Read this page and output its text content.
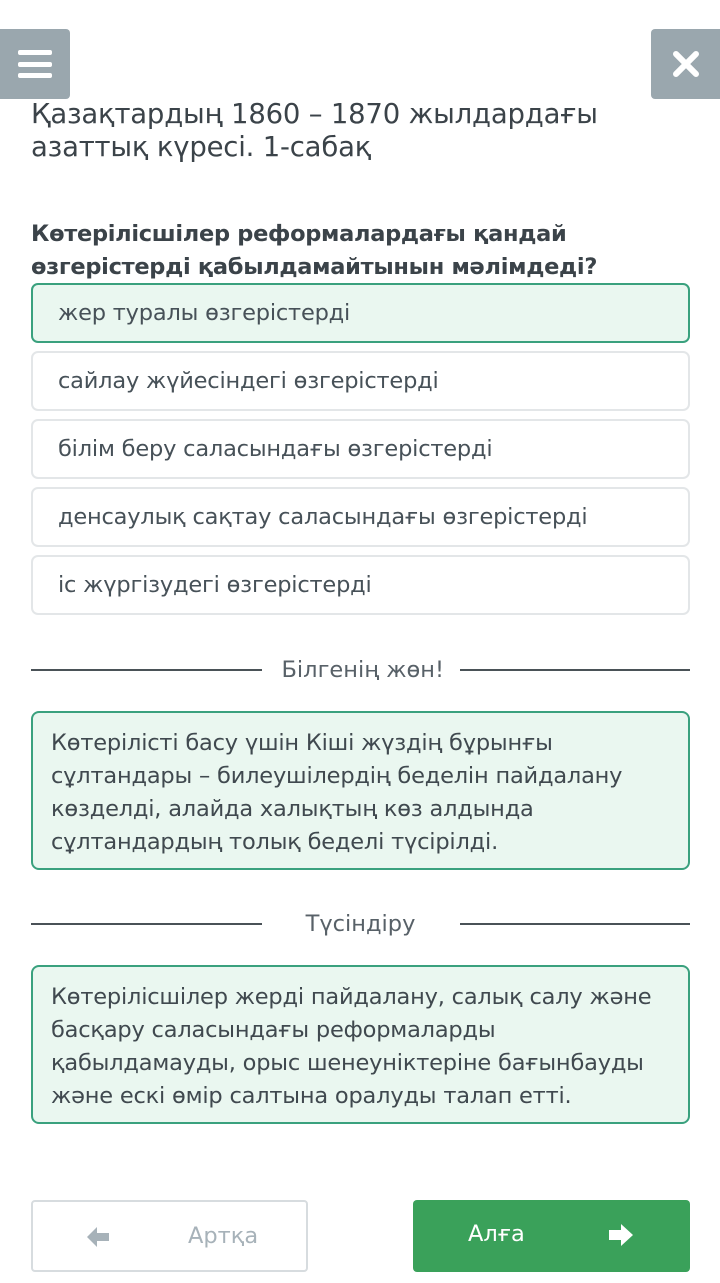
Қазақтардың 1860 – 1870 жылдардағы азаттық күресі. 1-сабақ

Көтерілісшілер реформалардағы қандай өзгерістерді қабылдамайтынын мәлімдеді?

жер туралы өзгерістерді
сайлау жүйесіндегі өзгерістерді
білім беру саласындағы өзгерістерді
денсаулық сақтау саласындағы өзгерістерді
іс жүргізудегі өзгерістерді
Білгенің жөн!
Көтерілісті басу үшін Кіші жүздің бұрынғы сұлтандары – билеушілердің беделін пайдалану көзделді, алайда халықтың көз алдында сұлтандардың толық беделі түсірілді.
Түсіндіру
Көтерілісшілер жерді пайдалану, салық салу және басқару саласындағы реформаларды қабылдамауды, орыс шенеуніктеріне бағынбауды және ескі өмір салтына оралуды талап етті.
Артқа	Алға
